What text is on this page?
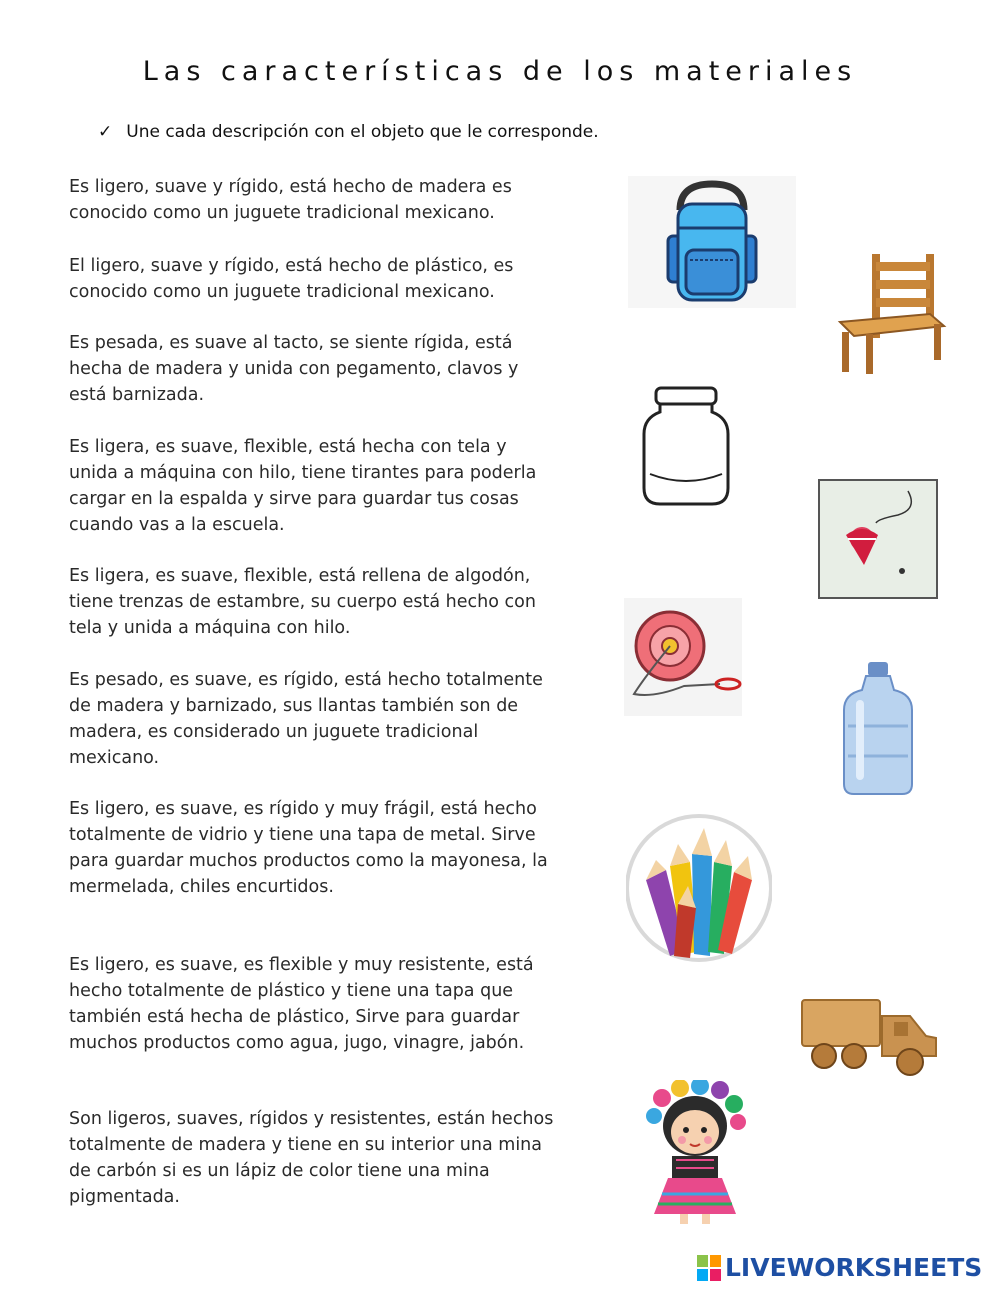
Las características de los materiales
✓ Une cada descripción con el objeto que le corresponde.

Es ligero, suave y rígido, está hecho de madera es conocido como un juguete tradicional mexicano.

El ligero, suave y rígido, está hecho de plástico, es conocido como un juguete tradicional mexicano.

Es pesada, es suave al tacto, se siente rígida, está hecha de madera y unida con pegamento, clavos y está barnizada.

Es ligera, es suave, flexible, está hecha con tela y unida a máquina con hilo, tiene tirantes para poderla cargar en la espalda y sirve para guardar tus cosas cuando vas a la escuela.

Es ligera, es suave, flexible, está rellena de algodón, tiene trenzas de estambre, su cuerpo está hecho con tela y unida a máquina con hilo.

Es pesado, es suave, es rígido, está hecho totalmente de madera y barnizado, sus llantas también son de madera, es considerado un juguete tradicional mexicano.

Es ligero, es suave, es rígido y muy frágil, está hecho totalmente de vidrio y tiene una tapa de metal. Sirve para guardar muchos productos como la mayonesa, la mermelada, chiles encurtidos.

Es ligero, es suave, es flexible y muy resistente, está hecho totalmente de plástico y tiene una tapa que también está hecha de plástico, Sirve para guardar muchos productos como agua, jugo, vinagre, jabón.

Son ligeros, suaves, rígidos y resistentes, están hechos totalmente de madera y tiene en su interior una mina de carbón si es un lápiz de color tiene una mina pigmentada.

LIVEWORKSHEETS
